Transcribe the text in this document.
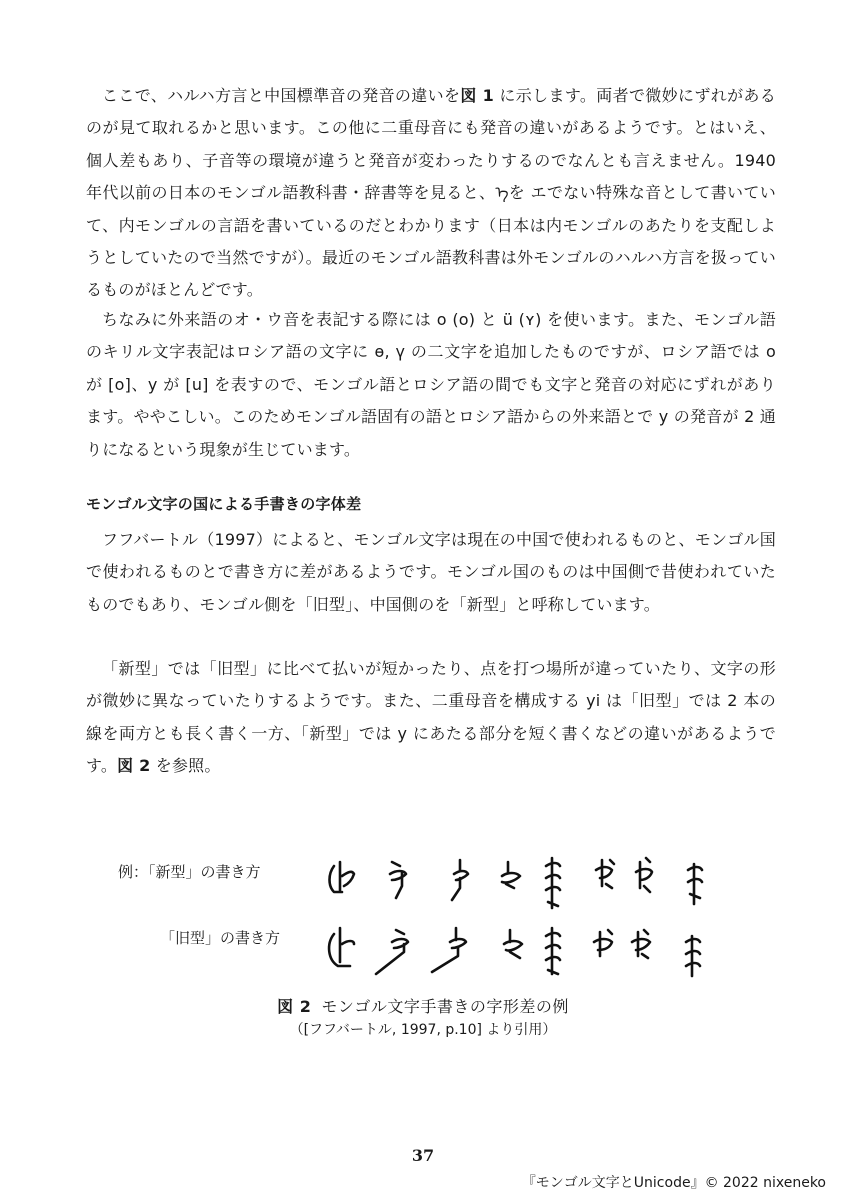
ここで、ハルハ方言と中国標準音の発音の違いを図 1 に示します。両者で微妙にずれがあるのが見て取れるかと思います。この他に二重母音にも発音の違いがあるようです。とはいえ、個人差もあり、子音等の環境が違うと発音が変わったりするのでなんとも言えません。1940 年代以前の日本のモンゴル語教科書・辞書等を見ると、ᠡを エでない特殊な音として書いていて、内モンゴルの言語を書いているのだとわかります（日本は内モンゴルのあたりを支配しようとしていたので当然ですが）。最近のモンゴル語教科書は外モンゴルのハルハ方言を扱っているものがほとんどです。

ちなみに外来語のオ・ウ音を表記する際には o (ᴏ) と ü (ʏ) を使います。また、モンゴル語のキリル文字表記はロシア語の文字に ө, ү の二文字を追加したものですが、ロシア語では о が [o]、у が [u] を表すので、モンゴル語とロシア語の間でも文字と発音の対応にずれがあります。ややこしい。このためモンゴル語固有の語とロシア語からの外来語とで у の発音が 2 通りになるという現象が生じています。

モンゴル文字の国による手書きの字体差

フフバートル（1997）によると、モンゴル文字は現在の中国で使われるものと、モンゴル国で使われるものとで書き方に差があるようです。モンゴル国のものは中国側で昔使われていたものでもあり、モンゴル側を「旧型」、中国側のを「新型」と呼称しています。

「新型」では「旧型」に比べて払いが短かったり、点を打つ場所が違っていたり、文字の形が微妙に異なっていたりするようです。また、二重母音を構成する yi は「旧型」では 2 本の線を両方とも長く書く一方、「新型」では y にあたる部分を短く書くなどの違いがあるようです。図 2 を参照。

例：「新型」の書き方
「旧型」の書き方
図 2 モンゴル文字手書きの字形差の例
（[フフバートル, 1997, p.10] より引用）
37
『モンゴル文字とUnicode』© 2022 nixeneko
